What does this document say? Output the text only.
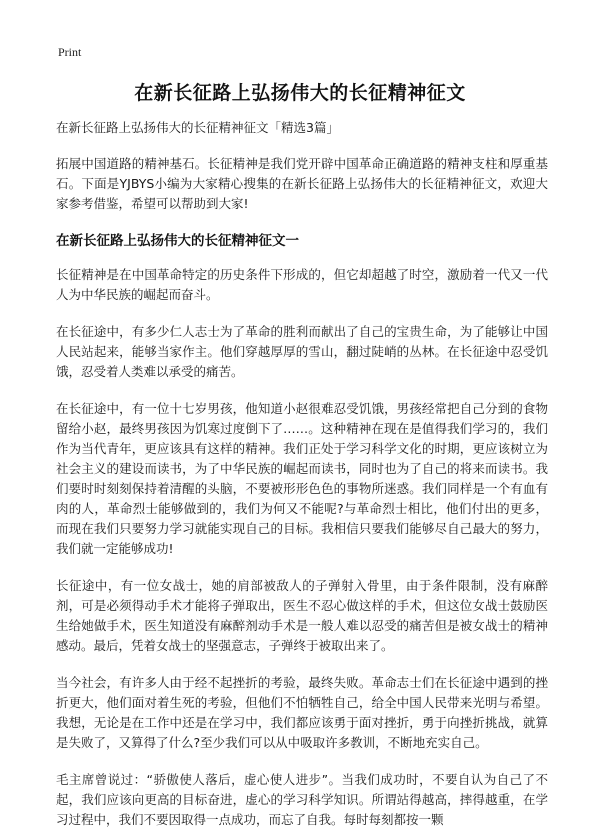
Print
在新长征路上弘扬伟大的长征精神征文

在新长征路上弘扬伟大的长征精神征文「精选3篇」

拓展中国道路的精神基石。长征精神是我们党开辟中国革命正确道路的精神支柱和厚重基石。下面是YJBYS小编为大家精心搜集的在新长征路上弘扬伟大的长征精神征文，欢迎大家参考借鉴，希望可以帮助到大家!

在新长征路上弘扬伟大的长征精神征文一

长征精神是在中国革命特定的历史条件下形成的，但它却超越了时空，激励着一代又一代人为中华民族的崛起而奋斗。

在长征途中，有多少仁人志士为了革命的胜利而献出了自己的宝贵生命，为了能够让中国人民站起来，能够当家作主。他们穿越厚厚的雪山，翻过陡峭的丛林。在长征途中忍受饥饿，忍受着人类难以承受的痛苦。

在长征途中，有一位十七岁男孩，他知道小赵很难忍受饥饿，男孩经常把自己分到的食物留给小赵，最终男孩因为饥寒过度倒下了……。这种精神在现在是值得我们学习的，我们作为当代青年，更应该具有这样的精神。我们正处于学习科学文化的时期，更应该树立为社会主义的建设而读书，为了中华民族的崛起而读书，同时也为了自己的将来而读书。我们要时时刻刻保持着清醒的头脑，不要被形形色色的事物所迷惑。我们同样是一个有血有肉的人，革命烈士能够做到的，我们为何又不能呢?与革命烈士相比，他们付出的更多，而现在我们只要努力学习就能实现自己的目标。我相信只要我们能够尽自己最大的努力，我们就一定能够成功!

长征途中，有一位女战士，她的肩部被敌人的子弹射入骨里，由于条件限制，没有麻醉剂，可是必须得动手术才能将子弹取出，医生不忍心做这样的手术，但这位女战士鼓励医生给她做手术，医生知道没有麻醉剂动手术是一般人难以忍受的痛苦但是被女战士的精神感动。最后，凭着女战士的坚强意志，子弹终于被取出来了。

当今社会，有许多人由于经不起挫折的考验，最终失败。革命志士们在长征途中遇到的挫折更大，他们面对着生死的考验，但他们不怕牺牲自己，给全中国人民带来光明与希望。我想，无论是在工作中还是在学习中，我们都应该勇于面对挫折，勇于向挫折挑战，就算是失败了，又算得了什么?至少我们可以从中吸取许多教训，不断地充实自己。

毛主席曾说过：“骄傲使人落后，虚心使人进步”。当我们成功时，不要自认为自己了不起，我们应该向更高的目标奋进，虚心的学习科学知识。所谓站得越高，摔得越重，在学习过程中，我们不要因取得一点成功，而忘了自我。每时每刻都按一颗
